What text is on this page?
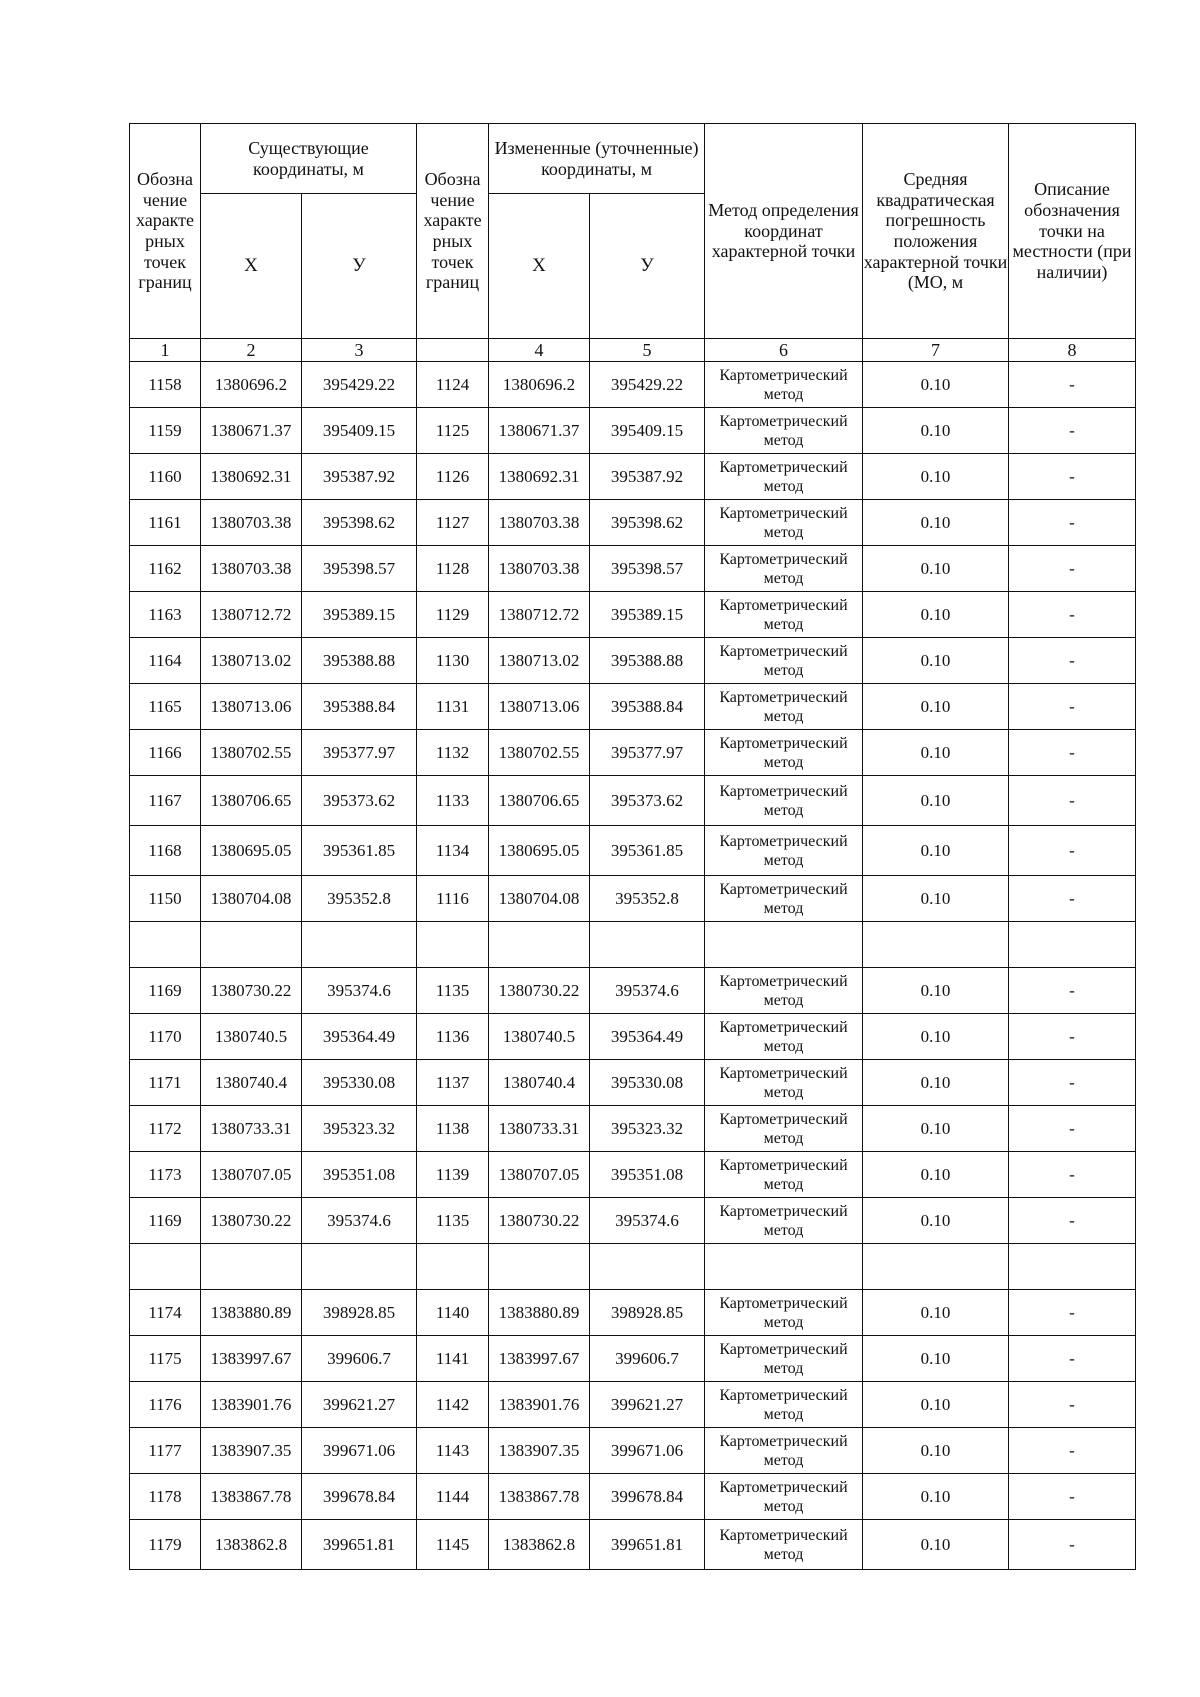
Обозна чение характе рных точек границ	Существующие координаты, м		Обозна чение характе рных точек границ	Измененные (уточненные) координаты, м		Метод определения координат характерной точки	Средняя квадратическая погрешность положения характерной точки (МО, м	Описание обозначения точки на местности (при наличии)
	Х	У		Х	У			
1	2	3		4	5	6	7	8
1158	1380696.2	395429.22	1124	1380696.2	395429.22	Картометрический метод	0.10	-
1159	1380671.37	395409.15	1125	1380671.37	395409.15	Картометрический метод	0.10	-
1160	1380692.31	395387.92	1126	1380692.31	395387.92	Картометрический метод	0.10	-
1161	1380703.38	395398.62	1127	1380703.38	395398.62	Картометрический метод	0.10	-
1162	1380703.38	395398.57	1128	1380703.38	395398.57	Картометрический метод	0.10	-
1163	1380712.72	395389.15	1129	1380712.72	395389.15	Картометрический метод	0.10	-
1164	1380713.02	395388.88	1130	1380713.02	395388.88	Картометрический метод	0.10	-
1165	1380713.06	395388.84	1131	1380713.06	395388.84	Картометрический метод	0.10	-
1166	1380702.55	395377.97	1132	1380702.55	395377.97	Картометрический метод	0.10	-
1167	1380706.65	395373.62	1133	1380706.65	395373.62	Картометрический метод	0.10	-
1168	1380695.05	395361.85	1134	1380695.05	395361.85	Картометрический метод	0.10	-
1150	1380704.08	395352.8	1116	1380704.08	395352.8	Картометрический метод	0.10	-

1169	1380730.22	395374.6	1135	1380730.22	395374.6	Картометрический метод	0.10	-
1170	1380740.5	395364.49	1136	1380740.5	395364.49	Картометрический метод	0.10	-
1171	1380740.4	395330.08	1137	1380740.4	395330.08	Картометрический метод	0.10	-
1172	1380733.31	395323.32	1138	1380733.31	395323.32	Картометрический метод	0.10	-
1173	1380707.05	395351.08	1139	1380707.05	395351.08	Картометрический метод	0.10	-
1169	1380730.22	395374.6	1135	1380730.22	395374.6	Картометрический метод	0.10	-

1174	1383880.89	398928.85	1140	1383880.89	398928.85	Картометрический метод	0.10	-
1175	1383997.67	399606.7	1141	1383997.67	399606.7	Картометрический метод	0.10	-
1176	1383901.76	399621.27	1142	1383901.76	399621.27	Картометрический метод	0.10	-
1177	1383907.35	399671.06	1143	1383907.35	399671.06	Картометрический метод	0.10	-
1178	1383867.78	399678.84	1144	1383867.78	399678.84	Картометрический метод	0.10	-
1179	1383862.8	399651.81	1145	1383862.8	399651.81	Картометрический метод	0.10	-
